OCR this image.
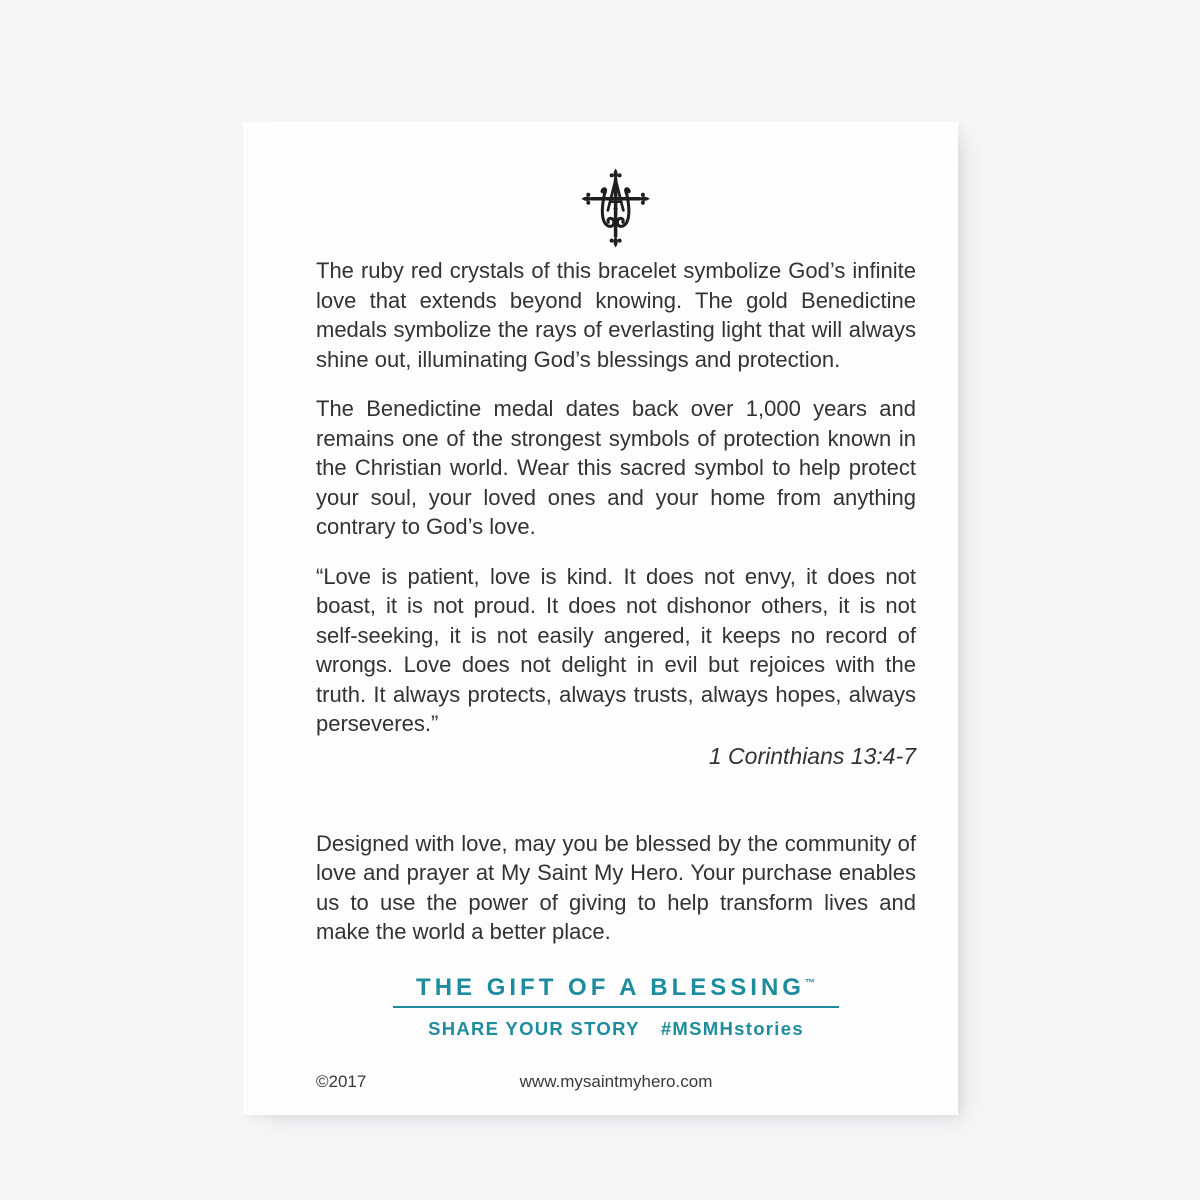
The ruby red crystals of this bracelet symbolize God’s infinite love that extends beyond knowing. The gold Benedictine medals symbolize the rays of everlasting light that will always shine out, illuminating God’s blessings and protection.

The Benedictine medal dates back over 1,000 years and remains one of the strongest symbols of protection known in the Christian world. Wear this sacred symbol to help protect your soul, your loved ones and your home from anything contrary to God’s love.

“Love is patient, love is kind. It does not envy, it does not boast, it is not proud. It does not dishonor others, it is not self-seeking, it is not easily angered, it keeps no record of wrongs. Love does not delight in evil but rejoices with the truth. It always protects, always trusts, always hopes, always perseveres.”

1 Corinthians 13:4-7

Designed with love, may you be blessed by the community of love and prayer at My Saint My Hero. Your purchase enables us to use the power of giving to help transform lives and make the world a better place.

THE GIFT OF A BLESSING™
SHARE YOUR STORY #MSMHstories
©2017	www.mysaintmyhero.com
